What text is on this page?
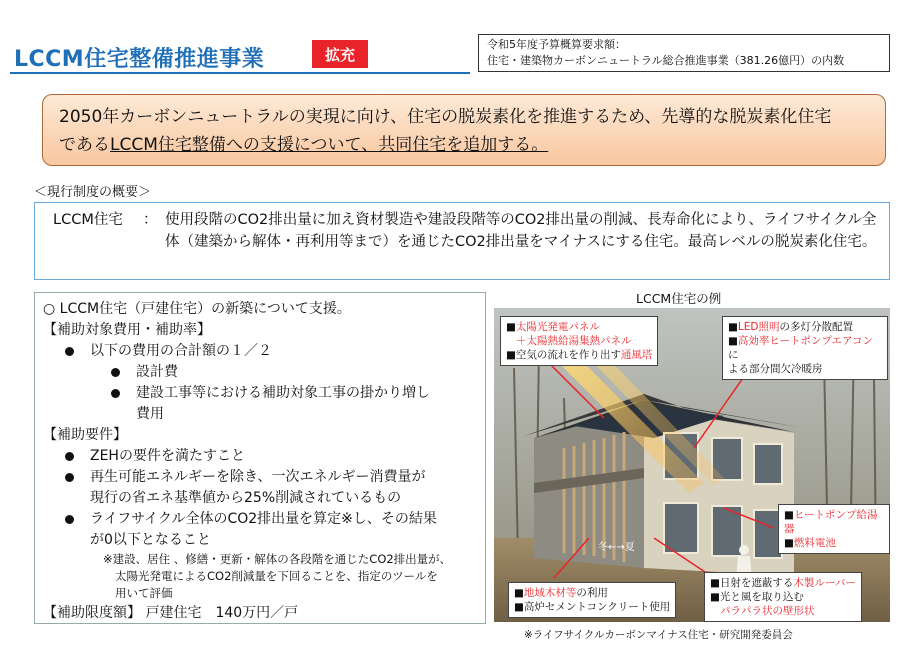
LCCM住宅整備推進事業	拡充
令和5年度予算概算要求額：
住宅・建築物カーボンニュートラル総合推進事業（381.26億円）の内数
2050年カーボンニュートラルの実現に向け、住宅の脱炭素化を推進するため、先導的な脱炭素化住宅
であるLCCM住宅整備への支援について、共同住宅を追加する。
＜現行制度の概要＞
LCCM住宅	： 使用段階のCO2排出量に加え資材製造や建設段階等のCO2排出量の削減、長寿命化により、ライフサイクル全体（建築から解体・再利用等まで）を通じたCO2排出量をマイナスにする住宅。最高レベルの脱炭素化住宅。
○ LCCM住宅（戸建住宅）の新築について支援。
【補助対象費用・補助率】
以下の費用の合計額の１／２
設計費
建設工事等における補助対象工事の掛かり増し
費用
【補助要件】
ZEHの要件を満たすこと
再生可能エネルギーを除き、一次エネルギー消費量が
現行の省エネ基準値から25%削減されているもの
ライフサイクル全体のCO2排出量を算定※し、その結果
が0以下となること
※建設、居住 、修繕・更新・解体の各段階を通じたCO2排出量が、
太陽光発電によるCO2削減量を下回ることを、指定のツールを
用いて評価
【補助限度額】 戸建住宅　140万円／戸
LCCM住宅の例
■太陽光発電パネル
＋太陽熱給湯集熱パネル
■空気の流れを作り出す通風塔
■LED照明の多灯分散配置
■高効率ヒートポンプエアコンに
よる部分間欠冷暖房
■ヒートポンプ給湯器
■燃料電池
■地域木材等の利用
■高炉セメントコンクリート使用
■日射を遮蔽する木製ルーバー
■光と風を取り込む
パラパラ状の壁形状
冬←→夏
※ライフサイクルカーボンマイナス住宅・研究開発委員会
